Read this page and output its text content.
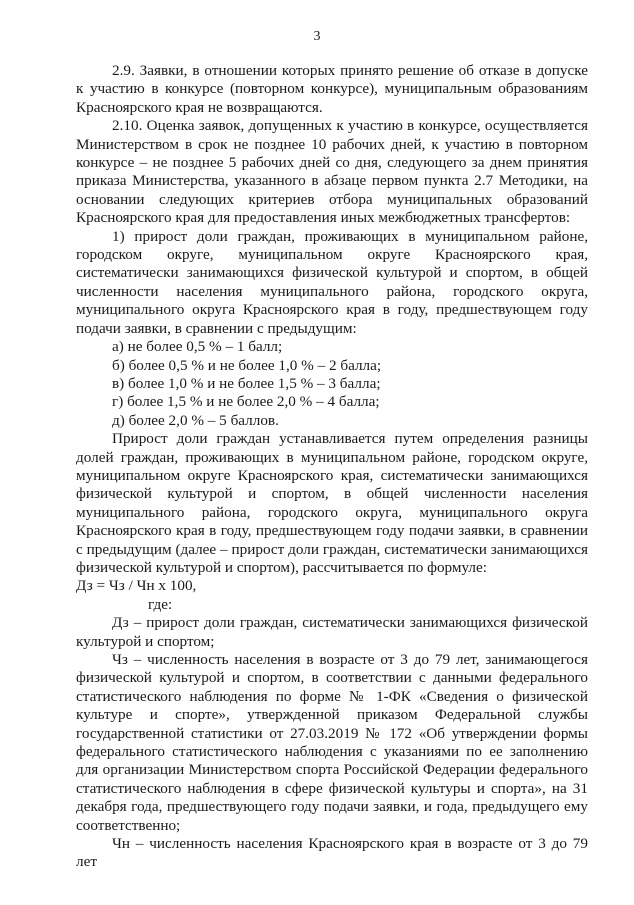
3

2.9. Заявки, в отношении которых принято решение об отказе в допуске к участию в конкурсе (повторном конкурсе), муниципальным образованиям Красноярского края не возвращаются.

2.10. Оценка заявок, допущенных к участию в конкурсе, осуществляется Министерством в срок не позднее 10 рабочих дней, к участию в повторном конкурсе – не позднее 5 рабочих дней со дня, следующего за днем принятия приказа Министерства, указанного в абзаце первом пункта 2.7 Методики, на основании следующих критериев отбора муниципальных образований Красноярского края для предоставления иных межбюджетных трансфертов:

1) прирост доли граждан, проживающих в муниципальном районе, городском округе, муниципальном округе Красноярского края, систематически занимающихся физической культурой и спортом, в общей численности населения муниципального района, городского округа, муниципального округа Красноярского края в году, предшествующем году подачи заявки, в сравнении с предыдущим:

а) не более 0,5 % – 1 балл;

б) более 0,5 % и не более 1,0 % – 2 балла;

в) более 1,0 % и не более 1,5 % – 3 балла;

г) более 1,5 % и не более 2,0 % – 4 балла;

д) более 2,0 % – 5 баллов.

Прирост доли граждан устанавливается путем определения разницы долей граждан, проживающих в муниципальном районе, городском округе, муниципальном округе Красноярского края, систематически занимающихся физической культурой и спортом, в общей численности населения муниципального района, городского округа, муниципального округа Красноярского края в году, предшествующем году подачи заявки, в сравнении с предыдущим (далее – прирост доли граждан, систематически занимающихся физической культурой и спортом), рассчитывается по формуле:

Дз = Чз / Чн х 100,

где:

Дз – прирост доли граждан, систематически занимающихся физической культурой и спортом;

Чз – численность населения в возрасте от 3 до 79 лет, занимающегося физической культурой и спортом, в соответствии с данными федерального статистического наблюдения по форме № 1-ФК «Сведения о физической культуре и спорте», утвержденной приказом Федеральной службы государственной статистики от 27.03.2019 № 172 «Об утверждении формы федерального статистического наблюдения с указаниями по ее заполнению для организации Министерством спорта Российской Федерации федерального статистического наблюдения в сфере физической культуры и спорта», на 31 декабря года, предшествующего году подачи заявки, и года, предыдущего ему соответственно;

Чн – численность населения Красноярского края в возрасте от 3 до 79 лет
